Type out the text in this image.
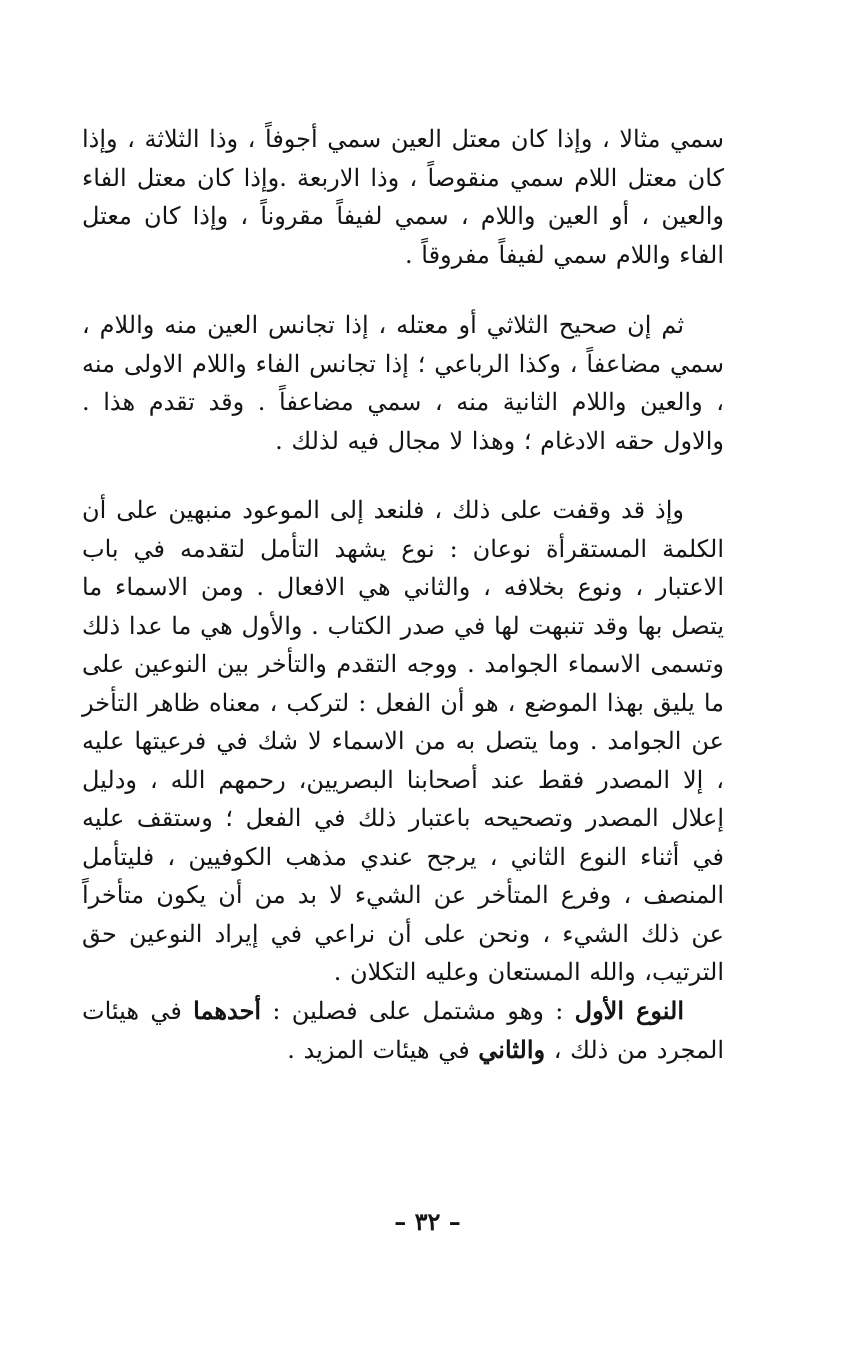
سمي مثالا ، وإذا كان معتل العين سمي أجوفاً ، وذا الثلاثة ، وإذا كان معتل اللام سمي منقوصاً ، وذا الاربعة .وإذا كان معتل الفاء والعين ، أو العين واللام ، سمي لفيفاً مقروناً ، وإذا كان معتل الفاء واللام سمي لفيفاً مفروقاً .

ثم إن صحيح الثلاثي أو معتله ، إذا تجانس العين منه واللام ، سمي مضاعفاً ، وكذا الرباعي ؛ إذا تجانس الفاء واللام الاولى منه ، والعين واللام الثانية منه ، سمي مضاعفاً . وقد تقدم هذا . والاول حقه الادغام ؛ وهذا لا مجال فيه لذلك .

وإذ قد وقفت على ذلك ، فلنعد إلى الموعود منبهين على أن الكلمة المستقرأة نوعان : نوع يشهد التأمل لتقدمه في باب الاعتبار ، ونوع بخلافه ، والثاني هي الافعال . ومن الاسماء ما يتصل بها وقد تنبهت لها في صدر الكتاب . والأول هي ما عدا ذلك وتسمى الاسماء الجوامد . ووجه التقدم والتأخر بين النوعين على ما يليق بهذا الموضع ، هو أن الفعل : لتركب ، معناه ظاهر التأخر عن الجوامد . وما يتصل به من الاسماء لا شك في فرعيتها عليه ، إلا المصدر فقط عند أصحابنا البصريين، رحمهم الله ، ودليل إعلال المصدر وتصحيحه باعتبار ذلك في الفعل ؛ وستقف عليه في أثناء النوع الثاني ، يرجح عندي مذهب الكوفيين ، فليتأمل المنصف ، وفرع المتأخر عن الشيء لا بد من أن يكون متأخراً عن ذلك الشيء ، ونحن على أن نراعي في إيراد النوعين حق الترتيب، والله المستعان وعليه التكلان .

النوع الأول : وهو مشتمل على فصلين : أحدهما في هيئات المجرد من ذلك ، والثاني في هيئات المزيد .

– ٣٢ –
